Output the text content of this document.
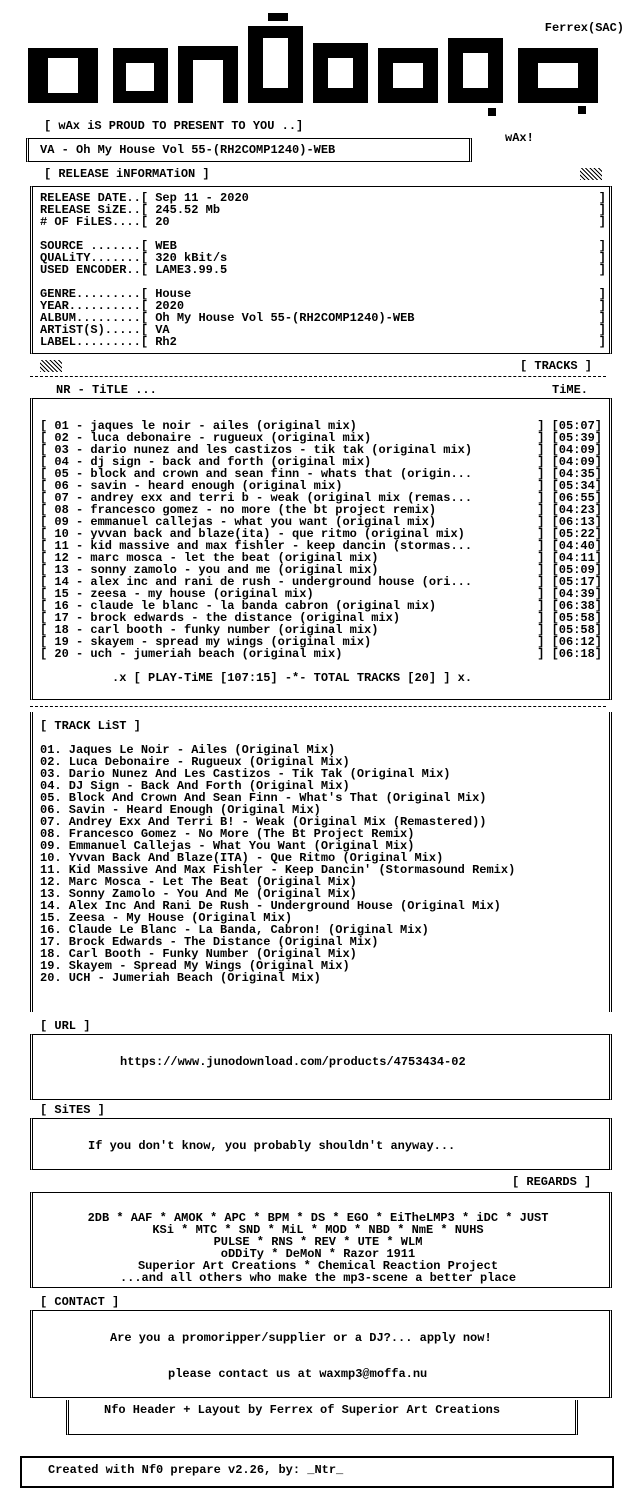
Ferrex(SAC)
[ wAx iS PROUD TO PRESENT TO YOU ..]
wAx!
VA - Oh My House Vol 55-(RH2COMP1240)-WEB
[ RELEASE iNFORMATiON ]
RELEASE DATE..[ Sep 11 - 2020	]
RELEASE SiZE..[ 245.52 Mb	]
# OF FiLES....[ 20	]

SOURCE .......[ WEB	]
QUALiTY.......[ 320 kBit/s	]
USED ENCODER..[ LAME3.99.5	]

GENRE.........[ House	]
YEAR..........[ 2020	]
ALBUM.........[ Oh My House Vol 55-(RH2COMP1240)-WEB	]
ARTiST(S).....[ VA	]
LABEL.........[ Rh2	]
[ TRACKS ]
NR - TiTLE ...	TiME.
[ 01 - jaques le noir - ailes (original mix)	] [05:07]
[ 02 - luca debonaire - rugueux (original mix)	] [05:39]
[ 03 - dario nunez and les castizos - tik tak (original mix)	] [04:09]
[ 04 - dj sign - back and forth (original mix)	] [04:09]
[ 05 - block and crown and sean finn - whats that (origin...	] [04:35]
[ 06 - savin - heard enough (original mix)	] [05:34]
[ 07 - andrey exx and terri b - weak (original mix (remas...	] [06:55]
[ 08 - francesco gomez - no more (the bt project remix)	] [04:23]
[ 09 - emmanuel callejas - what you want (original mix)	] [06:13]
[ 10 - yvvan back and blaze(ita) - que ritmo (original mix)	] [05:22]
[ 11 - kid massive and max fishler - keep dancin (stormas...	] [04:40]
[ 12 - marc mosca - let the beat (original mix)	] [04:11]
[ 13 - sonny zamolo - you and me (original mix)	] [05:09]
[ 14 - alex inc and rani de rush - underground house (ori...	] [05:17]
[ 15 - zeesa - my house (original mix)	] [04:39]
[ 16 - claude le blanc - la banda cabron (original mix)	] [06:38]
[ 17 - brock edwards - the distance (original mix)	] [05:58]
[ 18 - carl booth - funky number (original mix)	] [05:58]
[ 19 - skayem - spread my wings (original mix)	] [06:12]
[ 20 - uch - jumeriah beach (original mix)	] [06:18]
.x [ PLAY-TiME [107:15] -*- TOTAL TRACKS [20] ] x.
[ TRACK LiST ]
01. Jaques Le Noir - Ailes (Original Mix)
02. Luca Debonaire - Rugueux (Original Mix)
03. Dario Nunez And Les Castizos - Tik Tak (Original Mix)
04. DJ Sign - Back And Forth (Original Mix)
05. Block And Crown And Sean Finn - What's That (Original Mix)
06. Savin - Heard Enough (Original Mix)
07. Andrey Exx And Terri B! - Weak (Original Mix (Remastered))
08. Francesco Gomez - No More (The Bt Project Remix)
09. Emmanuel Callejas - What You Want (Original Mix)
10. Yvvan Back And Blaze(ITA) - Que Ritmo (Original Mix)
11. Kid Massive And Max Fishler - Keep Dancin' (Stormasound Remix)
12. Marc Mosca - Let The Beat (Original Mix)
13. Sonny Zamolo - You And Me (Original Mix)
14. Alex Inc And Rani De Rush - Underground House (Original Mix)
15. Zeesa - My House (Original Mix)
16. Claude Le Blanc - La Banda, Cabron! (Original Mix)
17. Brock Edwards - The Distance (Original Mix)
18. Carl Booth - Funky Number (Original Mix)
19. Skayem - Spread My Wings (Original Mix)
20. UCH - Jumeriah Beach (Original Mix)
[ URL ]
https://www.junodownload.com/products/4753434-02
[ SiTES ]
If you don't know, you probably shouldn't anyway...
[ REGARDS ]
2DB * AAF * AMOK * APC * BPM * DS * EGO * EiTheLMP3 * iDC * JUST
KSi * MTC * SND * MiL * MOD * NBD * NmE * NUHS
PULSE * RNS * REV * UTE * WLM
oDDiTy * DeMoN * Razor 1911
Superior Art Creations * Chemical Reaction Project
...and all others who make the mp3-scene a better place
[ CONTACT ]
Are you a promoripper/supplier or a DJ?... apply now!
please contact us at waxmp3@moffa.nu
Nfo Header + Layout by Ferrex of Superior Art Creations
Created with Nf0 prepare v2.26, by: _Ntr_
